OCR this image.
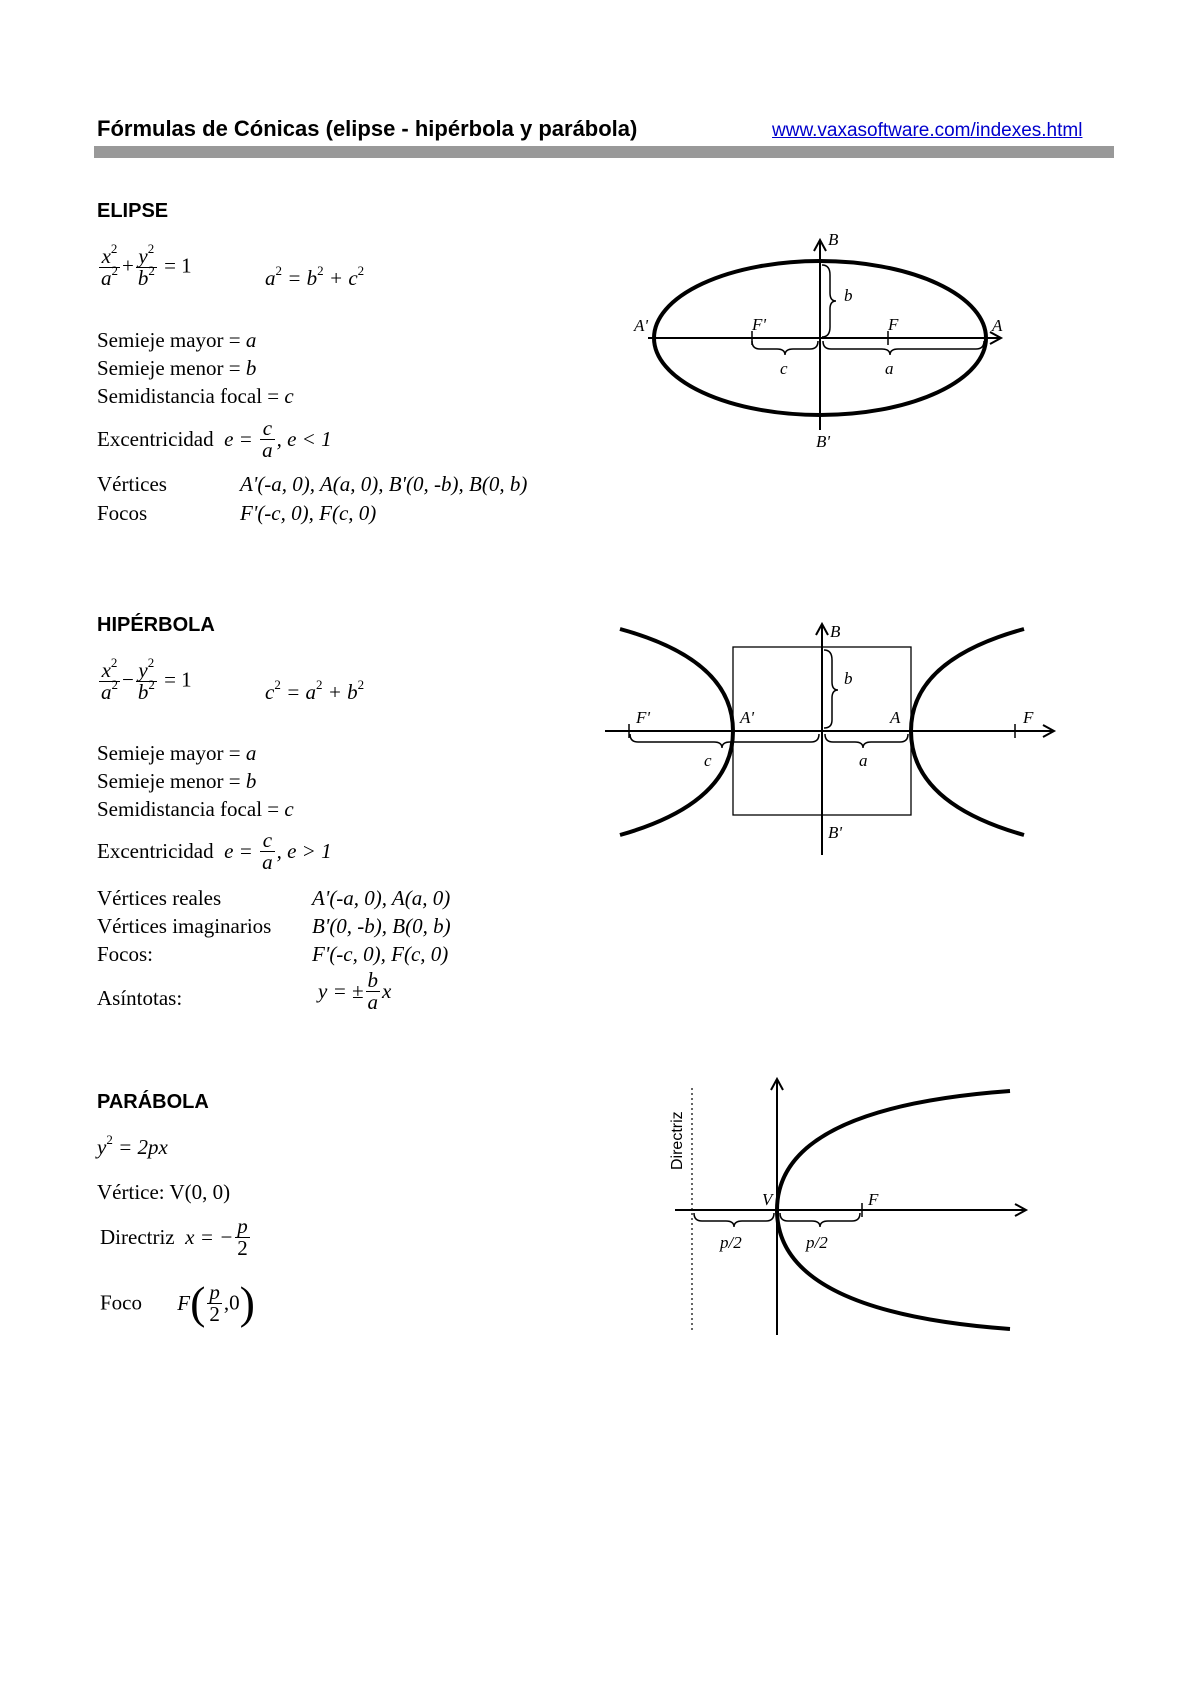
Fórmulas de Cónicas (elipse - hipérbola y parábola)	www.vaxasoftware.com/indexes.html
ELIPSE
$\frac{x^2}{a^2} + \frac{y^2}{b^2} = 1$
$a^2 = b^2 + c^2$
Semieje mayor = a
Semieje menor = b
Semidistancia focal = c
Excentricidad $e = \frac{c}{a}$ , e < 1
Vértices	A'(-a, 0), A(a, 0), B'(0, -b), B(0, b)
Focos	F'(-c, 0), F(c, 0)
B
B'
A
A'	F
F'
b
c	a
HIPÉRBOLA
$\frac{x^2}{a^2} - \frac{y^2}{b^2} = 1$
$c^2 = a^2 + b^2$
Semieje mayor = a
Semieje menor = b
Semidistancia focal = c
Excentricidad $e = \frac{c}{a}$ , e > 1
Vértices reales	A'(-a, 0), A(a, 0)
Vértices imaginarios B'(0, -b), B(0, b)
Focos:	F'(-c, 0), F(c, 0)
Asíntotas:	y = ± $\frac{b}{a}$ x
B
B'
A
A'	F
F'
b
c	a
PARÁBOLA
$y^2 = 2px$
Vértice: V(0, 0)
Directriz x = − $\frac{p}{2}$
Foco $F( \frac{p}{2} ,0)$
Directriz
V	F
p/2	p/2
